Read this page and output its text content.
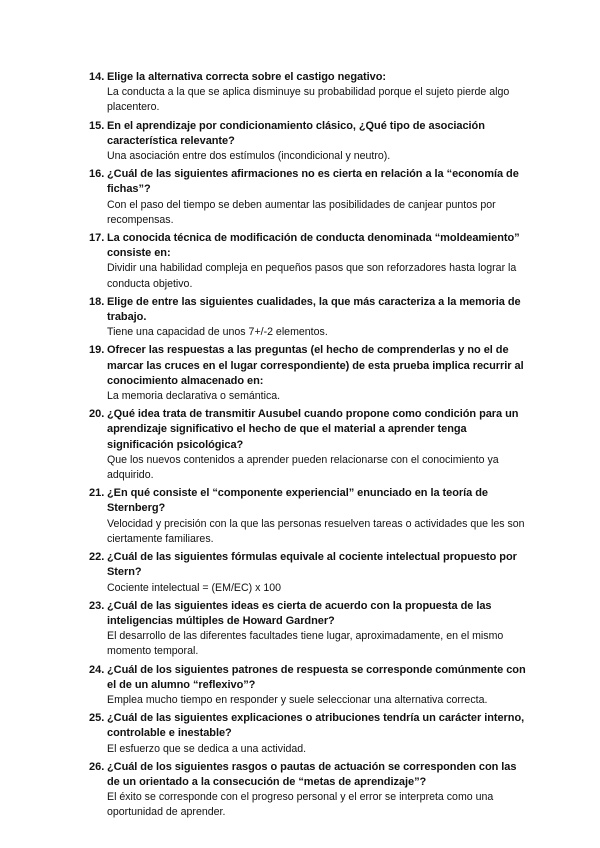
14. Elige la alternativa correcta sobre el castigo negativo:

La conducta a la que se aplica disminuye su probabilidad porque el sujeto pierde algo placentero.

15. En el aprendizaje por condicionamiento clásico, ¿Qué tipo de asociación característica relevante?

Una asociación entre dos estímulos (incondicional y neutro).

16. ¿Cuál de las siguientes afirmaciones no es cierta en relación a la “economía de fichas”?

Con el paso del tiempo se deben aumentar las posibilidades de canjear puntos por recompensas.

17. La conocida técnica de modificación de conducta denominada “moldeamiento” consiste en:

Dividir una habilidad compleja en pequeños pasos que son reforzadores hasta lograr la conducta objetivo.

18. Elige de entre las siguientes cualidades, la que más caracteriza a la memoria de trabajo.

Tiene una capacidad de unos 7+/-2 elementos.

19. Ofrecer las respuestas a las preguntas (el hecho de comprenderlas y no el de marcar las cruces en el lugar correspondiente) de esta prueba implica recurrir al conocimiento almacenado en:

La memoria declarativa o semántica.

20. ¿Qué idea trata de transmitir Ausubel cuando propone como condición para un aprendizaje significativo el hecho de que el material a aprender tenga significación psicológica?

Que los nuevos contenidos a aprender pueden relacionarse con el conocimiento ya adquirido.

21. ¿En qué consiste el “componente experiencial” enunciado en la teoría de Sternberg?

Velocidad y precisión con la que las personas resuelven tareas o actividades que les son ciertamente familiares.

22. ¿Cuál de las siguientes fórmulas equivale al cociente intelectual propuesto por Stern?

Cociente intelectual = (EM/EC) x 100

23. ¿Cuál de las siguientes ideas es cierta de acuerdo con la propuesta de las inteligencias múltiples de Howard Gardner?

El desarrollo de las diferentes facultades tiene lugar, aproximadamente, en el mismo momento temporal.

24. ¿Cuál de los siguientes patrones de respuesta se corresponde comúnmente con el de un alumno “reflexivo”?

Emplea mucho tiempo en responder y suele seleccionar una alternativa correcta.

25. ¿Cuál de las siguientes explicaciones o atribuciones tendría un carácter interno, controlable e inestable?

El esfuerzo que se dedica a una actividad.

26. ¿Cuál de los siguientes rasgos o pautas de actuación se corresponden con las de un orientado a la consecución de “metas de aprendizaje”?

El éxito se corresponde con el progreso personal y el error se interpreta como una oportunidad de aprender.
